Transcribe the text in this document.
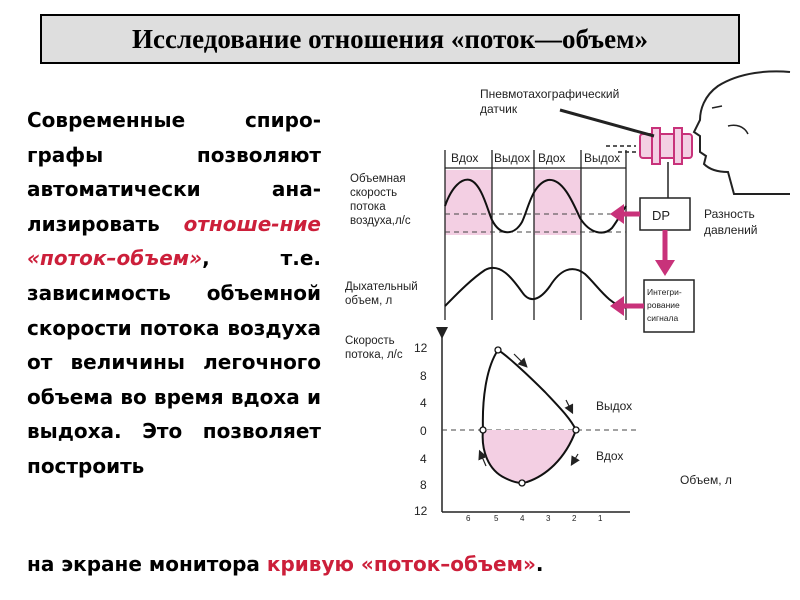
Исследование отношения «поток—объем»

Современные спиро-графы позволяют автоматически ана-лизировать отноше-ние «поток–объем», т.е. зависимость объемной скорости потока воздуха от величины легочного объема во время вдоха и выдоха. Это позволяет построить

на экране монитора кривую «поток–объем».

Пневмотахографический
датчик
Вдох Выдох Вдох Выдох
Объемная
скорость
потока
воздуха,л/с
Дыхательный
объем, л
DP	Разность
давлений
Интегри-
рование
сигнала
Скорость
потока, л/с 12
8
4
0
4
8
12
Выдох
Вдох
Объем, л
6	5	4	3	2	1
